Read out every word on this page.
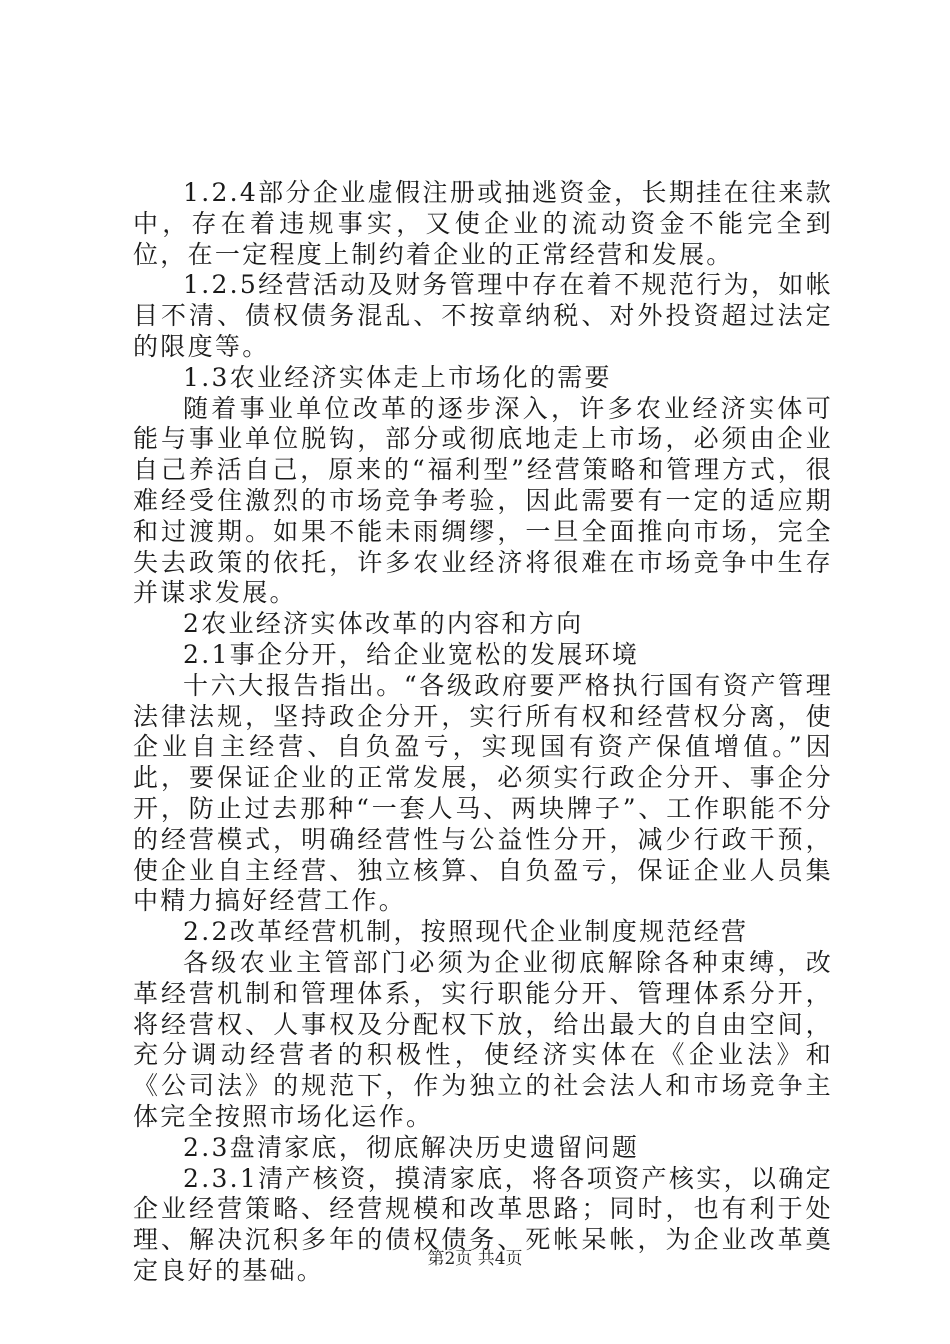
1.2.4部分企业虚假注册或抽逃资金，长期挂在往来款中，存在着违规事实，又使企业的流动资金不能完全到位，在一定程度上制约着企业的正常经营和发展。

1.2.5经营活动及财务管理中存在着不规范行为，如帐目不清、债权债务混乱、不按章纳税、对外投资超过法定的限度等。

1.3农业经济实体走上市场化的需要

随着事业单位改革的逐步深入，许多农业经济实体可能与事业单位脱钩，部分或彻底地走上市场，必须由企业自己养活自己，原来的“福利型”经营策略和管理方式，很难经受住激烈的市场竞争考验，因此需要有一定的适应期和过渡期。如果不能未雨绸缪，一旦全面推向市场，完全失去政策的依托，许多农业经济将很难在市场竞争中生存并谋求发展。

2农业经济实体改革的内容和方向

2.1事企分开，给企业宽松的发展环境

十六大报告指出。“各级政府要严格执行国有资产管理法律法规，坚持政企分开，实行所有权和经营权分离，使企业自主经营、自负盈亏，实现国有资产保值增值。”因此，要保证企业的正常发展，必须实行政企分开、事企分开，防止过去那种“一套人马、两块牌子”、工作职能不分的经营模式，明确经营性与公益性分开，减少行政干预，使企业自主经营、独立核算、自负盈亏，保证企业人员集中精力搞好经营工作。

2.2改革经营机制，按照现代企业制度规范经营

各级农业主管部门必须为企业彻底解除各种束缚，改革经营机制和管理体系，实行职能分开、管理体系分开，将经营权、人事权及分配权下放，给出最大的自由空间，充分调动经营者的积极性，使经济实体在《企业法》和《公司法》的规范下，作为独立的社会法人和市场竞争主体完全按照市场化运作。

2.3盘清家底，彻底解决历史遗留问题

2.3.1清产核资，摸清家底，将各项资产核实，以确定企业经营策略、经营规模和改革思路；同时，也有利于处理、解决沉积多年的债权债务、死帐呆帐，为企业改革奠定良好的基础。	第2页 共4页
